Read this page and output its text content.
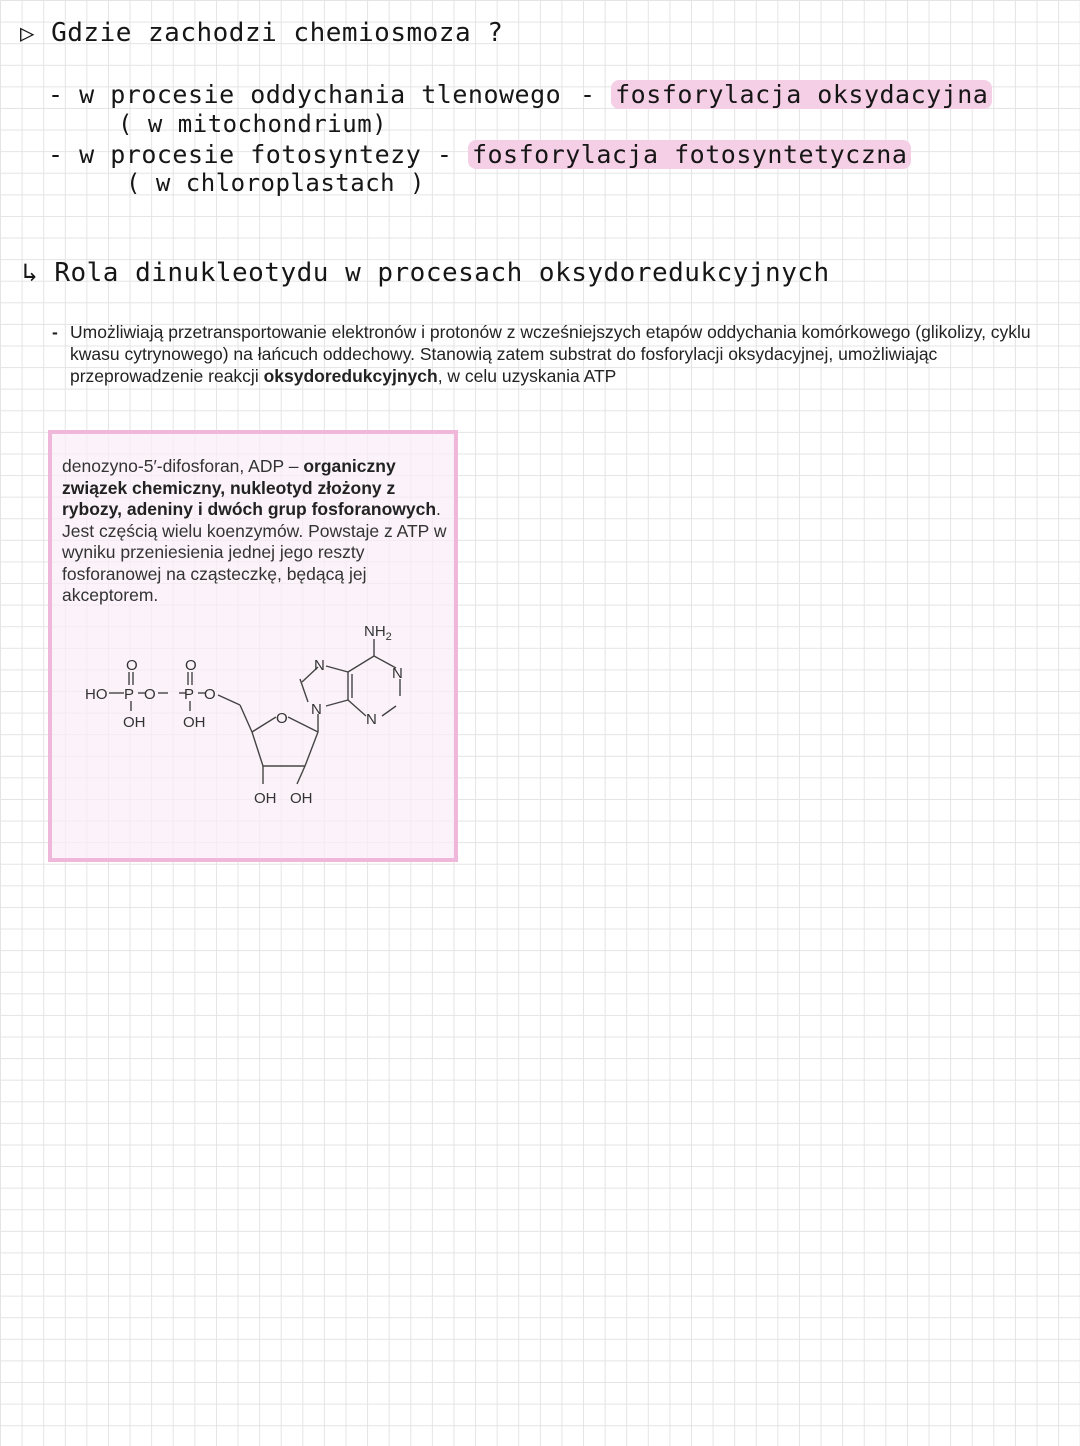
▷ Gdzie zachodzi chemiosmoza ?
- w procesie oddychania tlenowego - fosforylacja oksydacyjna
( w mitochondrium)
- w procesie fotosyntezy - fosforylacja fotosyntetyczna
( w chloroplastach )
↳ Rola dinukleotydu w procesach oksydoredukcyjnych
- Umożliwiają przetransportowanie elektronów i protonów z wcześniejszych etapów oddychania komórkowego (glikolizy, cyklu kwasu cytrynowego) na łańcuch oddechowy. Stanowią zatem substrat do fosforylacji oksydacyjnej, umożliwiając przeprowadzenie reakcji oksydoredukcyjnych, w celu uzyskania ATP
denozyno-5′-difosforan, ADP – organiczny związek chemiczny, nukleotyd złożony z rybozy, adeniny i dwóch grup fosforanowych. Jest częścią wielu koenzymów. Powstaje z ATP w wyniku przeniesienia jednej jego reszty fosforanowej na cząsteczkę, będącą jej akceptorem.
HO P
O
O P
O
O
OH	OH	O
OH OH
N
N	N
N
$NH_2$
